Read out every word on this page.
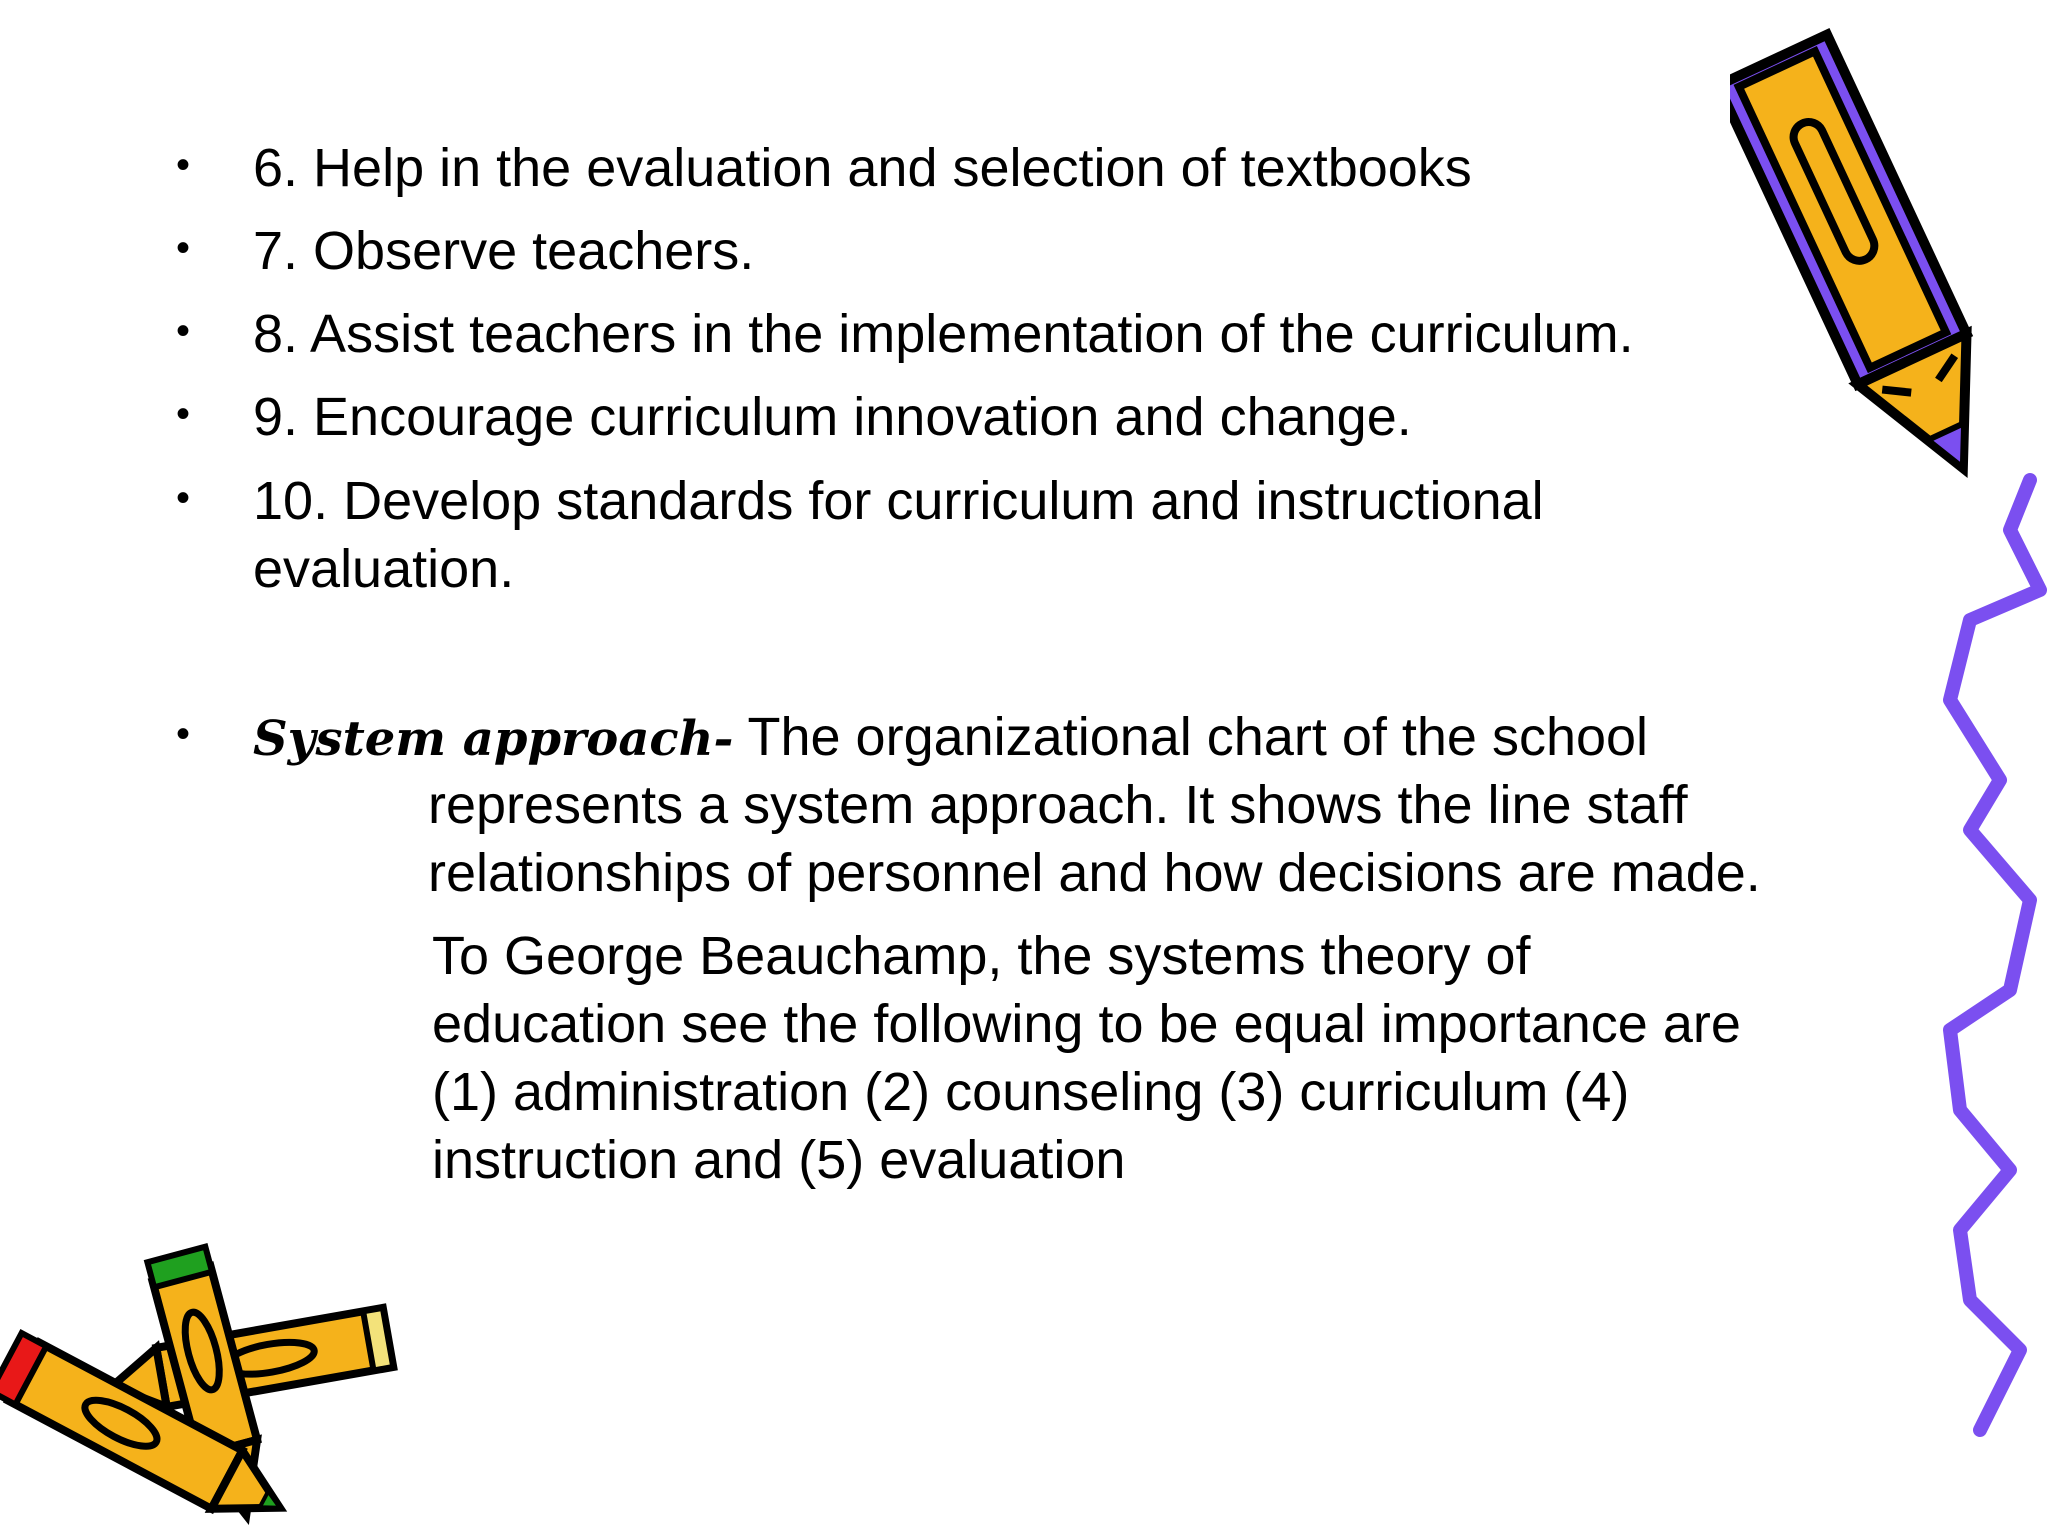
• 6. Help in the evaluation and selection of textbooks
• 7. Observe teachers.
• 8. Assist teachers in the implementation of the curriculum.
• 9. Encourage curriculum innovation and change.
• 10. Develop standards for curriculum and instructional
evaluation.
• System approach- The organizational chart of the school
represents a system approach. It shows the line staff
relationships of personnel and how decisions are made.
To George Beauchamp, the systems theory of
education see the following to be equal importance are
(1) administration (2) counseling (3) curriculum (4)
instruction and (5) evaluation
